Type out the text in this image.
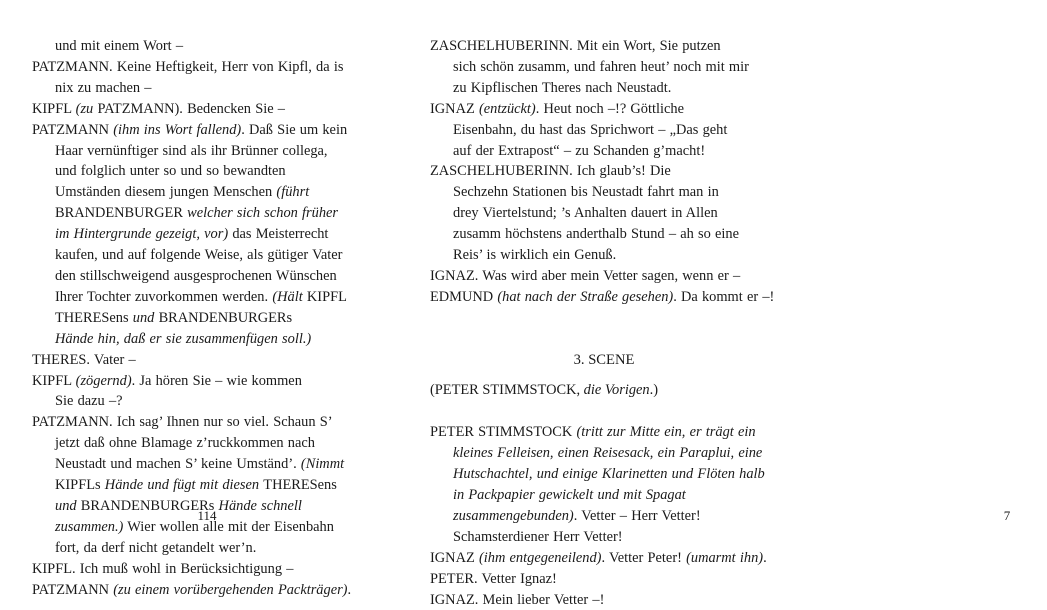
und mit einem Wort –
PATZMANN. Keine Heftigkeit, Herr von Kipfl, da is
nix zu machen –
KIPFL (zu PATZMANN). Bedencken Sie –
PATZMANN (ihm ins Wort fallend). Daß Sie um kein
Haar vernünftiger sind als ihr Brünner collega,
und folglich unter so und so bewandten
Umständen diesem jungen Menschen (führt
BRANDENBURGER welcher sich schon früher
im Hintergrunde gezeigt, vor) das Meisterrecht
kaufen, und auf folgende Weise, als gütiger Vater
den stillschweigend ausgesprochenen Wünschen
Ihrer Tochter zuvorkommen werden. (Hält KIPFL
THERESens und BRANDENBURGERs
Hände hin, daß er sie zusammenfügen soll.)
THERES. Vater –
KIPFL (zögernd). Ja hören Sie – wie kommen
Sie dazu –?
PATZMANN. Ich sag’ Ihnen nur so viel. Schaun S’
jetzt daß ohne Blamage z’ruckkommen nach
Neustadt und machen S’ keine Umständ’. (Nimmt
KIPFLs Hände und fügt mit diesen THERESens
und BRANDENBURGERs Hände schnell
zusammen.) Wier wollen alle mit der Eisenbahn
fort, da derf nicht getandelt wer’n.
KIPFL. Ich muß wohl in Berücksichtigung –
PATZMANN (zu einem vorübergehenden Packträger).
114
ZASCHELHUBERINN. Mit ein Wort, Sie putzen
sich schön zusamm, und fahren heut’ noch mit mir
zu Kipflischen Theres nach Neustadt.
IGNAZ (entzückt). Heut noch –!? Göttliche
Eisenbahn, du hast das Sprichwort – „Das geht
auf der Extrapost“ – zu Schanden g’macht!
ZASCHELHUBERINN. Ich glaub’s! Die
Sechzehn Stationen bis Neustadt fahrt man in
drey Viertelstund; ’s Anhalten dauert in Allen
zusamm höchstens anderthalb Stund – ah so eine
Reis’ is wirklich ein Genuß.
IGNAZ. Was wird aber mein Vetter sagen, wenn er –
EDMUND (hat nach der Straße gesehen). Da kommt er –!
3. SCENE
(PETER STIMMSTOCK, die Vorigen.)
PETER STIMMSTOCK (tritt zur Mitte ein, er trägt ein
kleines Felleisen, einen Reisesack, ein Paraplui, eine
Hutschachtel, und einige Klarinetten und Flöten halb
in Packpapier gewickelt und mit Spagat
zusammengebunden). Vetter – Herr Vetter!
Schamsterdiener Herr Vetter!
IGNAZ (ihm entgegeneilend). Vetter Peter! (umarmt ihn).
PETER. Vetter Ignaz!
IGNAZ. Mein lieber Vetter –!
7
